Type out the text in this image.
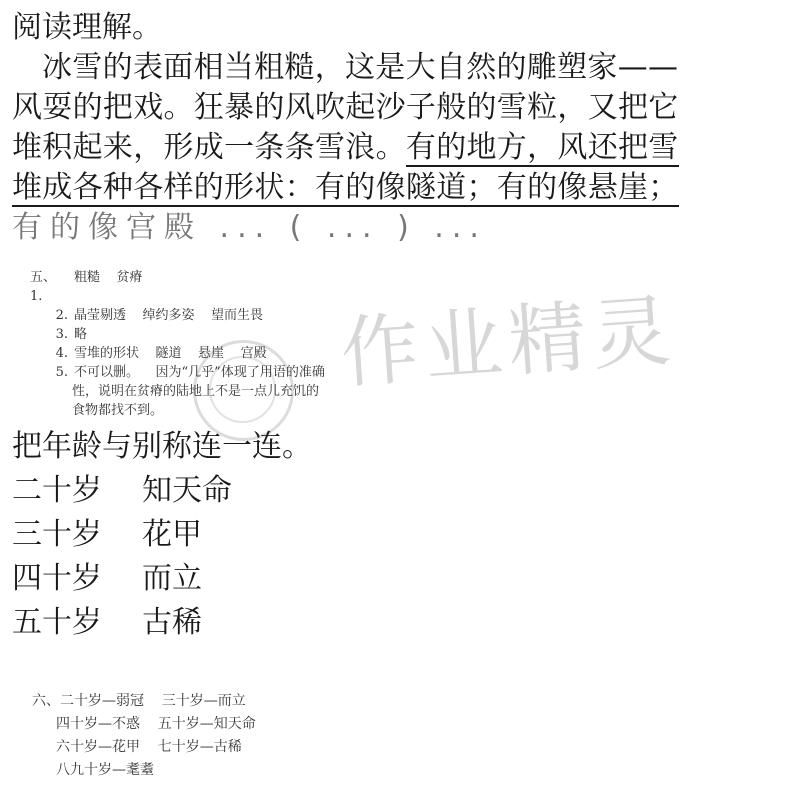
阅读理解。
冰雪的表面相当粗糙，这是大自然的雕塑家——
风耍的把戏。狂暴的风吹起沙子般的雪粒，又把它
堆积起来，形成一条条雪浪。有的地方，风还把雪
堆成各种各样的形状：有的像隧道；有的像悬崖；
有的像宫殿 ... ( ... ) ...
作业精灵
五、1.
粗糙    贫瘠
2. 晶莹剔透    绰约多姿    望而生畏
3. 略
4. 雪堆的形状    隧道    悬崖    宫殿
5. 不可以删。    因为“几乎”体现了用语的准确
性，说明在贫瘠的陆地上不是一点儿充饥的
食物都找不到。
把年龄与别称连一连。
二十岁	知天命
三十岁	花甲
四十岁	而立
五十岁	古稀
六、二十岁—弱冠    三十岁—而立
四十岁—不惑    五十岁—知天命
六十岁—花甲    七十岁—古稀
八九十岁—耄耋
